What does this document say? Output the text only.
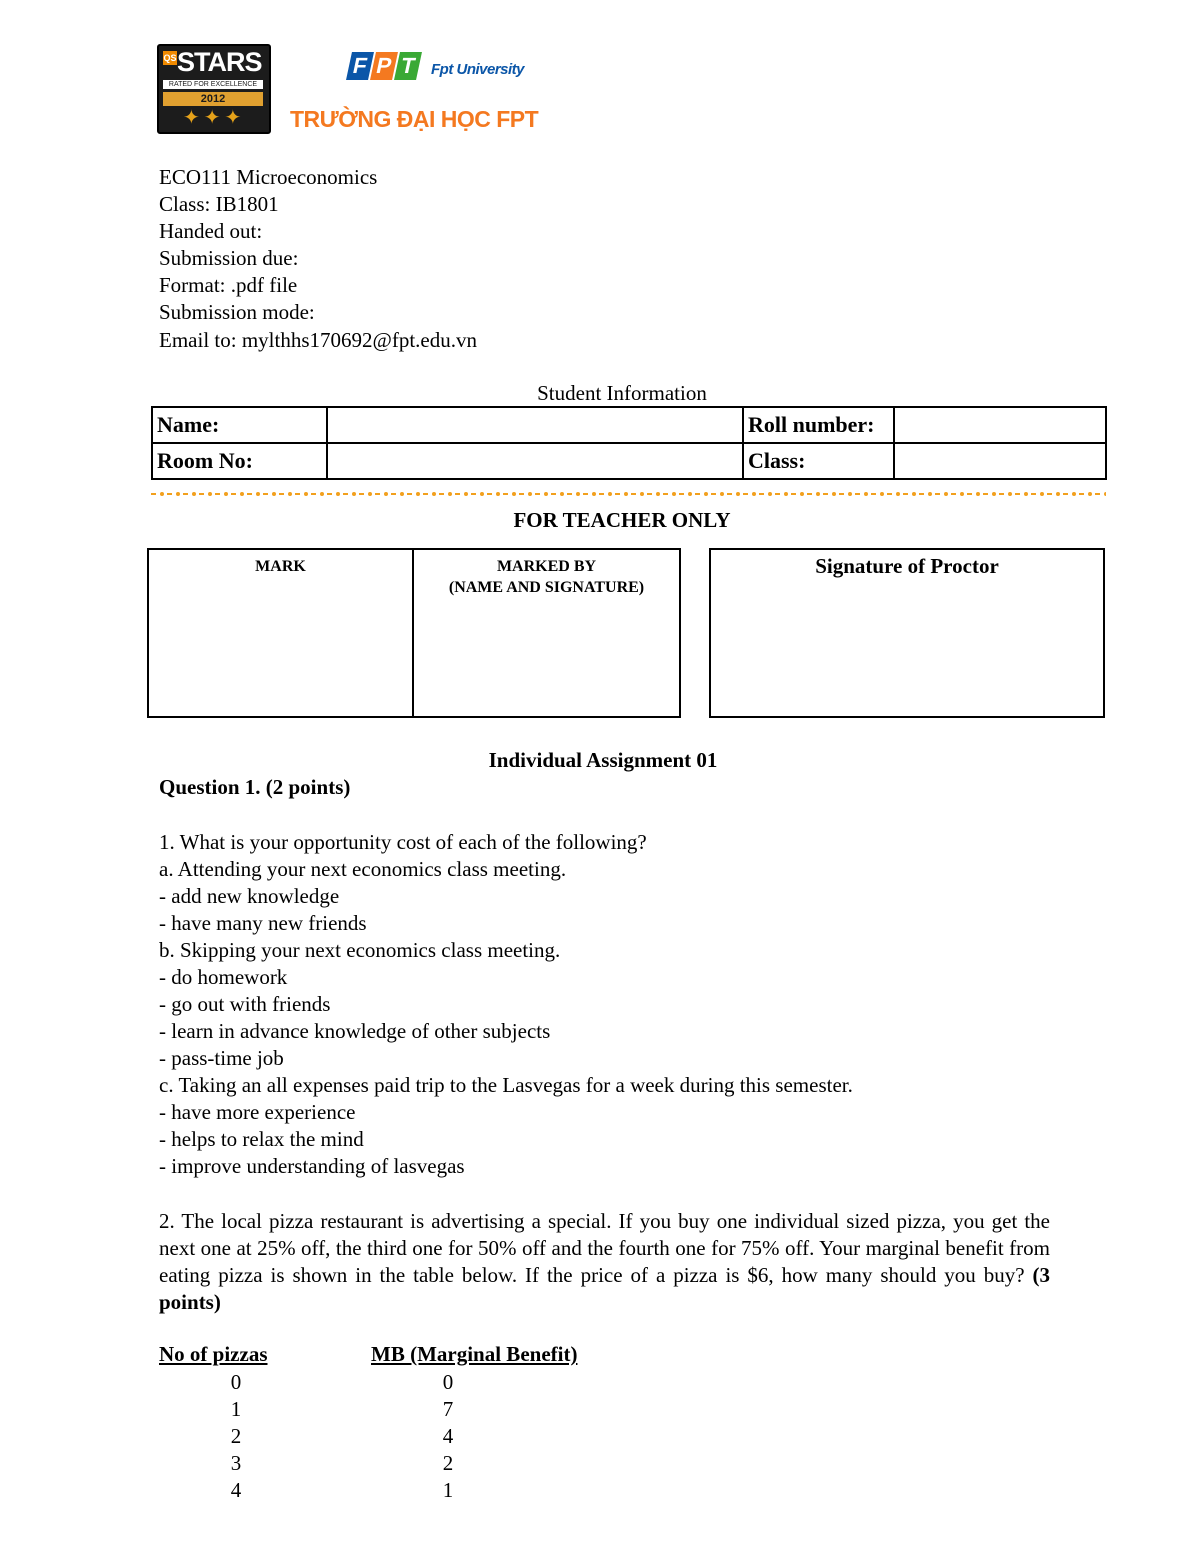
QS STARS
RATED FOR EXCELLENCE
2012
✦✦✦
F P T Fpt University
TRƯỜNG ĐẠI HỌC FPT
ECO111 Microeconomics
Class: IB1801
Handed out:
Submission due:
Format: .pdf file
Submission mode:
Email to: mylthhs170692@fpt.edu.vn
Student Information
Name:		Roll number:	
Room No:		Class:	
FOR TEACHER ONLY
MARK	MARKED BY
(NAME AND SIGNATURE)
Signature of Proctor
Individual Assignment 01
Question 1. (2 points)
1. What is your opportunity cost of each of the following?
a. Attending your next economics class meeting.
- add new knowledge
- have many new friends
b. Skipping your next economics class meeting.
- do homework
- go out with friends
- learn in advance knowledge of other subjects
- pass-time job
c. Taking an all expenses paid trip to the Lasvegas for a week during this semester.
- have more experience
- helps to relax the mind
- improve understanding of lasvegas
2. The local pizza restaurant is advertising a special. If you buy one individual sized pizza, you get the next one at 25% off, the third one for 50% off and the fourth one for 75% off. Your marginal benefit from eating pizza is shown in the table below. If the price of a pizza is $6, how many should you buy? (3 points)
No of pizzas	MB (Marginal Benefit)
0	0
1	7
2	4
3	2
4	1
